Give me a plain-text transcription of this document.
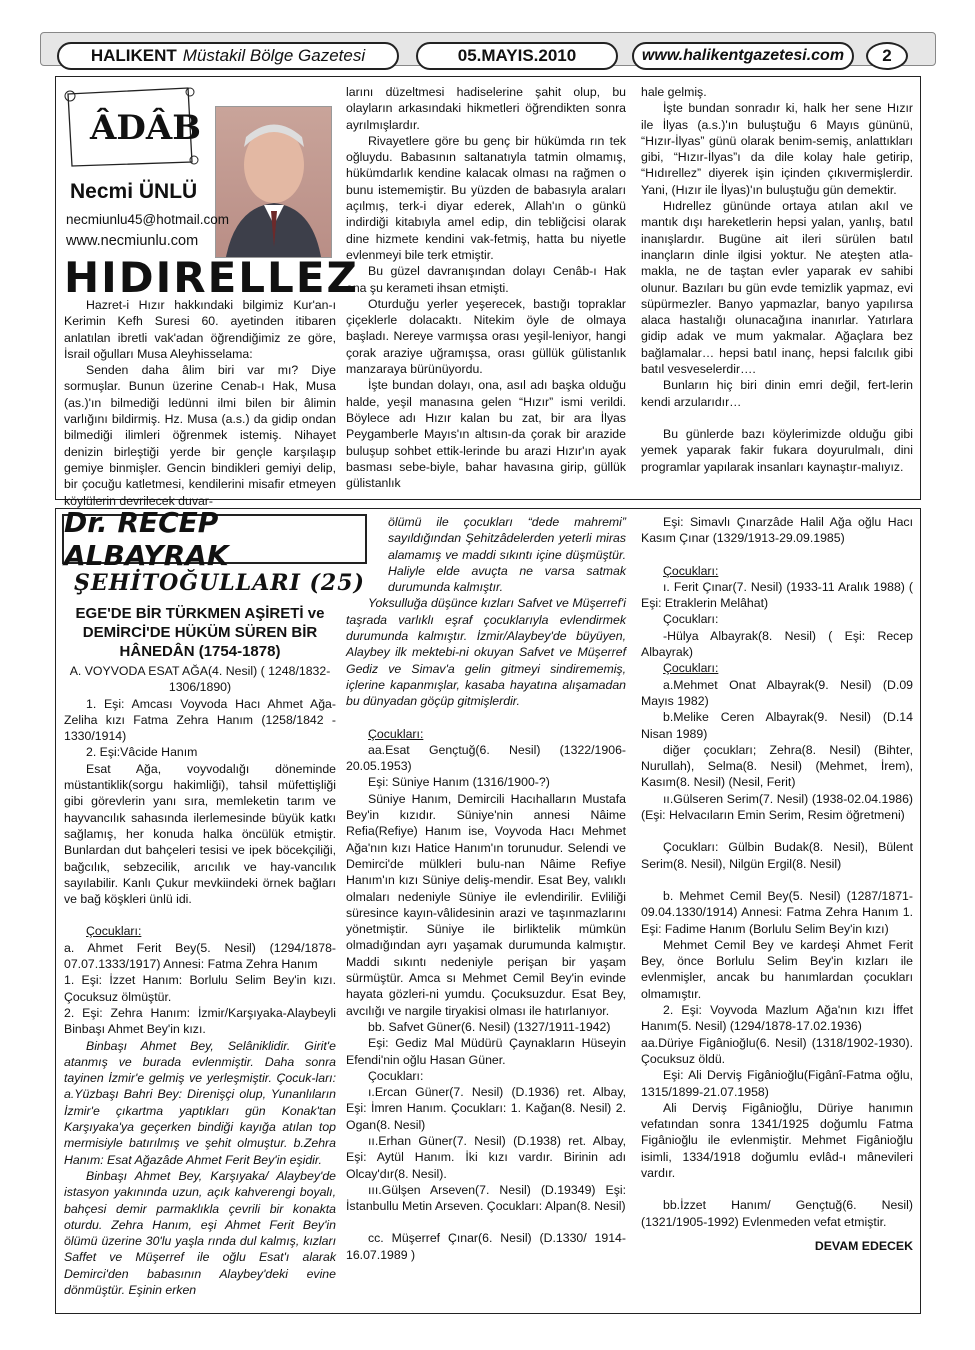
HALIKENT Müstakil Bölge Gazetesi	05.MAYIS.2010	www.halikentgazetesi.com 2
ÂDÂB
Necmi ÜNLÜ
necmiunlu45@hotmail.com
www.necmiunlu.com
HIDIRELLEZ

Hazret-i Hızır hakkındaki bilgimiz Kur'an-ı Kerimin Kefh Suresi 60. ayetinden itibaren anlatılan ibretli vak'adan öğrendiğimiz ze göre, İsrail oğulları Musa Aleyhisselama:

Senden daha âlim biri var mı? Diye sormuşlar. Bunun üzerine Cenab-ı Hak, Musa (as.)'ın bilmediği ledünni ilmi bilen bir âlimin varlığını bildirmiş. Hz. Musa (a.s.) da gidip ondan bilmediği ilimleri öğrenmek istemiş. Nihayet denizin birleştiği yerde bir gençle karşılaşıp gemiye binmişler. Gencin bindikleri gemiyi delip, bir çocuğu katletmesi, kendilerini misafir etmeyen köylülerin devrilecek duvar-

larını düzeltmesi hadiselerine şahit olup, bu olayların arkasındaki hikmetleri öğrendikten sonra ayrılmışlardır.

Rivayetlere göre bu genç bir hükümda rın tek oğluydu. Babasının saltanatıyla tatmin olmamış, hükümdarlık kendine kalacak olması na rağmen o bunu istememiştir. Bu yüzden de babasıyla araları açılmış, terk-i diyar ederek, Allah'ın o günkü indirdiği kitabıyla amel edip, din tebliğcisi olarak dine hizmete kendini vak-fetmiş, hatta bu niyetle evlenmeyi bile terk etmiştir.

Bu güzel davranışından dolayı Cenâb-ı Hak ona şu kerameti ihsan etmişti.

Oturduğu yerler yeşerecek, bastığı topraklar çiçeklerle dolacaktı. Nitekim öyle de olmaya başladı. Nereye varmışsa orası yeşil-leniyor, hangi çorak araziye uğramışsa, orası güllük gülistanlık manzaraya bürünüyordu.

İşte bundan dolayı, ona, asıl adı başka olduğu halde, yeşil manasına gelen “Hızır” ismi verildi. Böylece adı Hızır kalan bu zat, bir ara İlyas Peygamberle Mayıs'ın altısın-da çorak bir arazide buluşup sohbet ettik-lerinde bu arazi Hızır'ın ayak basması sebe-biyle, bahar havasına girip, güllük gülistanlık

hale gelmiş.

İşte bundan sonradır ki, halk her sene Hızır ile İlyas (a.s.)'ın buluştuğu 6 Mayıs gününü, “Hızır-İlyas” günü olarak benim-semiş, anlattıkları gibi, “Hızır-İlyas”ı da dile kolay hale getirip, “Hıdırellez” diyerek işin içinden çıkıvermişlerdir. Yani, (Hızır ile İlyas)'ın buluştuğu gün demektir.

Hıdrellez gününde ortaya atılan akıl ve mantık dışı hareketlerin hepsi yalan, yanlış, batıl inanışlardır. Bugüne ait ileri sürülen batıl inançların dinle ilgisi yoktur. Ne ateşten atla-makla, ne de taştan evler yaparak ev sahibi olunur. Bazıları bu gün evde temizlik yapmaz, evi süpürmezler. Banyo yapmazlar, banyo yapılırsa alaca hastalığı olunacağına inanırlar. Yatırlara gidip adak ve mum yakmalar. Ağaçlara bez bağlamalar… hepsi batıl inanç, hepsi falcılık gibi batıl vesveselerdir….

Bunların hiç biri dinin emri değil, fert-lerin kendi arzularıdır…

Bu günlerde bazı köylerimizde olduğu gibi yemek yaparak fakir fukara doyurulmalı, dini programlar yapılarak insanları kaynaştır-malıyız.

Dr. RECEP ALBAYRAK
ŞEHİTOĞULLARI (25)

EGE'DE BİR TÜRKMEN AŞİRETİ ve DEMİRCİ'DE HÜKÜM SÜREN BİR HÂNEDÂN (1754-1878)

A. VOYVODA ESAT AĞA(4. Nesil) ( 1248/1832-1306/1890)

1. Eşi: Amcası Voyvoda Hacı Ahmet Ağa-Zeliha kızı Fatma Zehra Hanım (1258/1842 - 1330/1914)

2. Eşi:Vâcide Hanım

Esat Ağa, voyvodalığı döneminde müstantiklik(sorgu hakimliği), tahsil müfettişliği gibi görevlerin yanı sıra, memleketin tarım ve hayvancılık sahasında ilerlemesinde büyük katkı sağlamış, her konuda halka öncülük etmiştir. Bunlardan dut bahçeleri tesisi ve ipek böcekçiliği, bağcılık, sebzecilik, arıcılık ve hay-vancılık sayılabilir. Kanlı Çukur mevkiindeki örnek bağları ve bağ köşkleri ünlü idi.

Çocukları:

a. Ahmet Ferit Bey(5. Nesil) (1294/1878-07.07.1333/1917) Annesi: Fatma Zehra Hanım

1. Eşi: İzzet Hanım: Borlulu Selim Bey'in kızı. Çocuksuz ölmüştür.

2. Eşi: Zehra Hanım: İzmir/Karşıyaka-Alaybeyli Binbaşı Ahmet Bey'in kızı.

Binbaşı Ahmet Bey, Selâniklidir. Girit'e atanmış ve burada evlenmiştir. Daha sonra tayinen İzmir'e gelmiş ve yerleşmiştir. Çocuk-ları: a.Yüzbaşı Bahri Bey: Direnişçi olup, Yunanlıların İzmir'e çıkartma yaptıkları gün Konak'tan Karşıyaka'ya geçerken bindiği kayığa atılan top mermisiyle batırılmış ve şehit olmuştur. b.Zehra Hanım: Esat Ağazâde Ahmet Ferit Bey'in eşidir.

Binbaşı Ahmet Bey, Karşıyaka/ Alaybey'de istasyon yakınında uzun, açık kahverengi boyalı, bahçesi demir parmaklıkla çevrili bir konakta oturdu. Zehra Hanım, eşi Ahmet Ferit Bey'in ölümü üzerine 30'lu yaşla rında dul kalmış, kızları Saffet ve Müşerref ile oğlu Esat'ı alarak Demirci'den babasının Alaybey'deki evine dönmüştür. Eşinin erken

ölümü ile çocukları “dede mahremi” sayıldığından Şehitzâdelerden yeterli miras alamamış ve maddi sıkıntı içine düşmüştür. Haliyle elde avuçta ne varsa satmak durumunda kalmıştır.

Yoksulluğa düşünce kızları Safvet ve Müşerref'i taşrada varlıklı eşraf çocuklarıyla evlendirmek durumunda kalmıştır. İzmir/Alaybey'de büyüyen, Alaybey ilk mektebi-ni okuyan Safvet ve Müşerref Gediz ve Simav'a gelin gitmeyi sindirememiş, içlerine kapanmışlar, kasaba hayatına alışamadan bu dünyadan göçüp gitmişlerdir.

Çocukları:

aa.Esat Gençtuğ(6. Nesil) (1322/1906-20.05.1953)

Eşi: Süniye Hanım (1316/1900-?)

Süniye Hanım, Demircili Hacıhalların Mustafa Bey'in kızıdır. Süniye'nin annesi Nâime Refia(Refiye) Hanım ise, Voyvoda Hacı Mehmet Ağa'nın kızı Hatice Hanım'ın torunudur. Selendi ve Demirci'de mülkleri bulu-nan Nâime Refiye Hanım'ın kızı Süniye deliş-mendir. Esat Bey, valıklı olmaları nedeniyle Süniye ile evlendirilir. Evliliği süresince kayın-vâlidesinin arazi ve taşınmazlarını yönetmiştir. Süniye ile birliktelik mümkün olmadığından ayrı yaşamak durumunda kalmıştır. Maddi sıkıntı nedeniyle perişan bir yaşam sürmüştür. Amca sı Mehmet Cemil Bey'in evinde hayata gözleri-ni yumdu. Çocuksuzdur. Esat Bey, avcılığı ve nargile tiryakisi olması ile hatırlanıyor.

bb. Safvet Güner(6. Nesil) (1327/1911-1942)

Eşi: Gediz Mal Müdürü Çaynakların Hüseyin Efendi'nin oğlu Hasan Güner.

Çocukları:

ı.Ercan Güner(7. Nesil) (D.1936) ret. Albay, Eşi: İmren Hanım. Çocukları: 1. Kağan(8. Nesil) 2. Ogan(8. Nesil)

ıı.Erhan Güner(7. Nesil) (D.1938) ret. Albay, Eşi: Aytül Hanım. İki kızı vardır. Birinin adı Olcay'dır(8. Nesil).

ııı.Gülşen Arseven(7. Nesil) (D.19349) Eşi: İstanbullu Metin Arseven. Çocukları: Alpan(8. Nesil)

cc. Müşerref Çınar(6. Nesil) (D.1330/ 1914-16.07.1989 )

Eşi: Simavlı Çınarzâde Halil Ağa oğlu Hacı Kasım Çınar (1329/1913-29.09.1985)

Çocukları:

ı. Ferit Çınar(7. Nesil) (1933-11 Aralık 1988) ( Eşi: Etraklerin Melâhat)

Çocukları:

-Hülya Albayrak(8. Nesil) ( Eşi: Recep Albayrak)

Çocukları:

a.Mehmet Onat Albayrak(9. Nesil) (D.09 Mayıs 1982)

b.Melike Ceren Albayrak(9. Nesil) (D.14 Nisan 1989)

diğer çocukları; Zehra(8. Nesil) (Bihter, Nurullah), Selma(8. Nesil) (Mehmet, İrem), Kasım(8. Nesil) (Nesil, Ferit)

ıı.Gülseren Serim(7. Nesil) (1938-02.04.1986) (Eşi: Helvacıların Emin Serim, Resim öğretmeni)

Çocukları: Gülbin Budak(8. Nesil), Bülent Serim(8. Nesil), Nilgün Ergil(8. Nesil)

b. Mehmet Cemil Bey(5. Nesil) (1287/1871-09.04.1330/1914) Annesi: Fatma Zehra Hanım 1. Eşi: Fadime Hanım (Borlulu Selim Bey'in kızı)

Mehmet Cemil Bey ve kardeşi Ahmet Ferit Bey, önce Borlulu Selim Bey'in kızları ile evlenmişler, ancak bu hanımlardan çocukları olmamıştır.

2. Eşi: Voyvoda Mazlum Ağa'nın kızı İffet Hanım(5. Nesil) (1294/1878-17.02.1936)

aa.Düriye Figânioğlu(6. Nesil) (1318/1902-1930). Çocuksuz öldü.

Eşi: Ali Derviş Figânioğlu(Figânî-Fatma oğlu, 1315/1899-21.07.1958)

Ali Derviş Figânioğlu, Düriye hanımın vefatından sonra 1341/1925 doğumlu Fatma Figânioğlu ile evlenmiştir. Mehmet Figânioğlu isimli, 1334/1918 doğumlu evlâd-ı mânevileri vardır.

bb.İzzet Hanım/ Gençtuğ(6. Nesil) (1321/1905-1992) Evlenmeden vefat etmiştir.

DEVAM EDECEK
